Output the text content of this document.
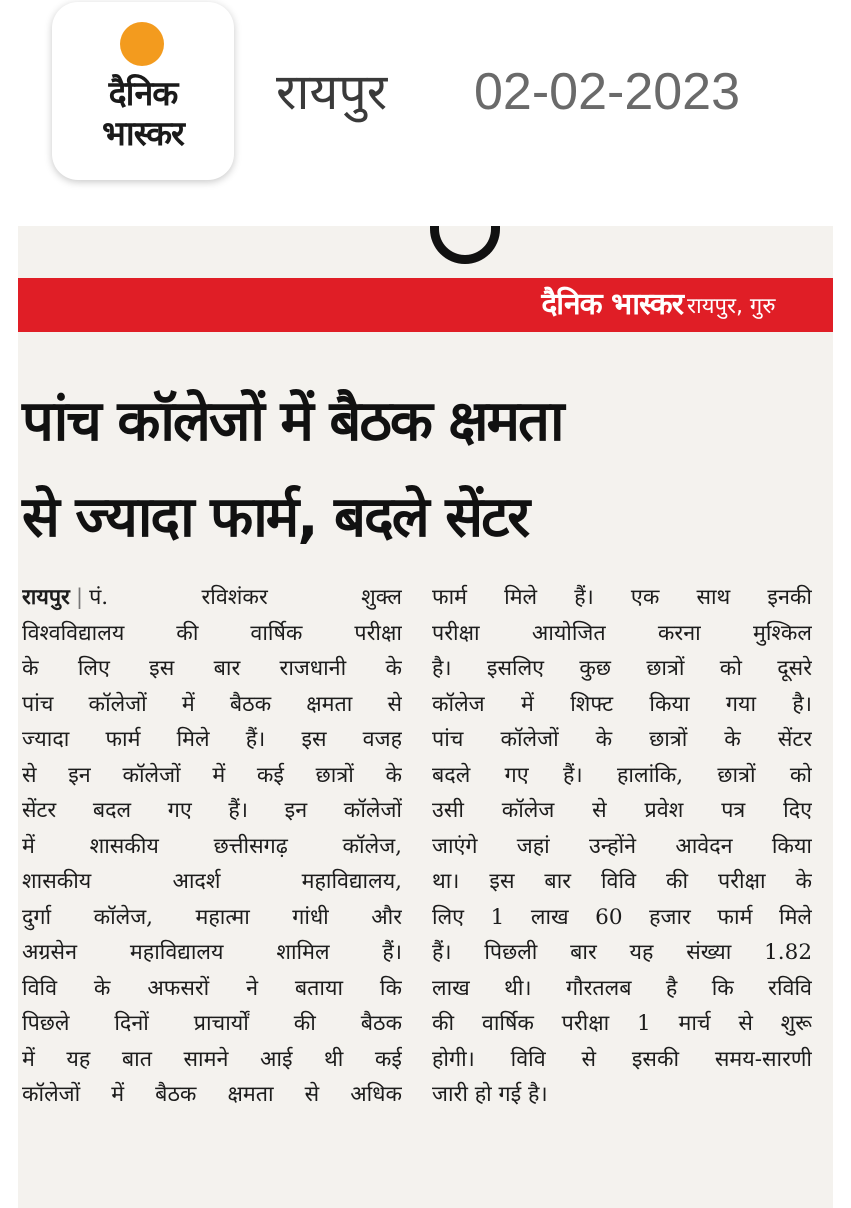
दैनिक
भास्कर
रायपुर 02-02-2023
दैनिक भास्कर रायपुर, गुरु
पांच कॉलेजों में बैठक क्षमता
से ज्यादा फार्म, बदले सेंटर
रायपुर | पं. रविशंकर शुक्ल
विश्वविद्यालय की वार्षिक परीक्षा
के लिए इस बार राजधानी के
पांच कॉलेजों में बैठक क्षमता से
ज्यादा फार्म मिले हैं। इस वजह
से इन कॉलेजों में कई छात्रों के
सेंटर बदल गए हैं। इन कॉलेजों
में शासकीय छत्तीसगढ़ कॉलेज,
शासकीय आदर्श महाविद्यालय,
दुर्गा कॉलेज, महात्मा गांधी और
अग्रसेन महाविद्यालय शामिल हैं।
विवि के अफसरों ने बताया कि
पिछले दिनों प्राचार्यों की बैठक
में यह बात सामने आई थी कई
कॉलेजों में बैठक क्षमता से अधिक
फार्म मिले हैं। एक साथ इनकी
परीक्षा आयोजित करना मुश्किल
है। इसलिए कुछ छात्रों को दूसरे
कॉलेज में शिफ्ट किया गया है।
पांच कॉलेजों के छात्रों के सेंटर
बदले गए हैं। हालांकि, छात्रों को
उसी कॉलेज से प्रवेश पत्र दिए
जाएंगे जहां उन्होंने आवेदन किया
था। इस बार विवि की परीक्षा के
लिए 1 लाख 60 हजार फार्म मिले
हैं। पिछली बार यह संख्या 1.82
लाख थी। गौरतलब है कि रविवि
की वार्षिक परीक्षा 1 मार्च से शुरू
होगी। विवि से इसकी समय-सारणी
जारी हो गई है।
